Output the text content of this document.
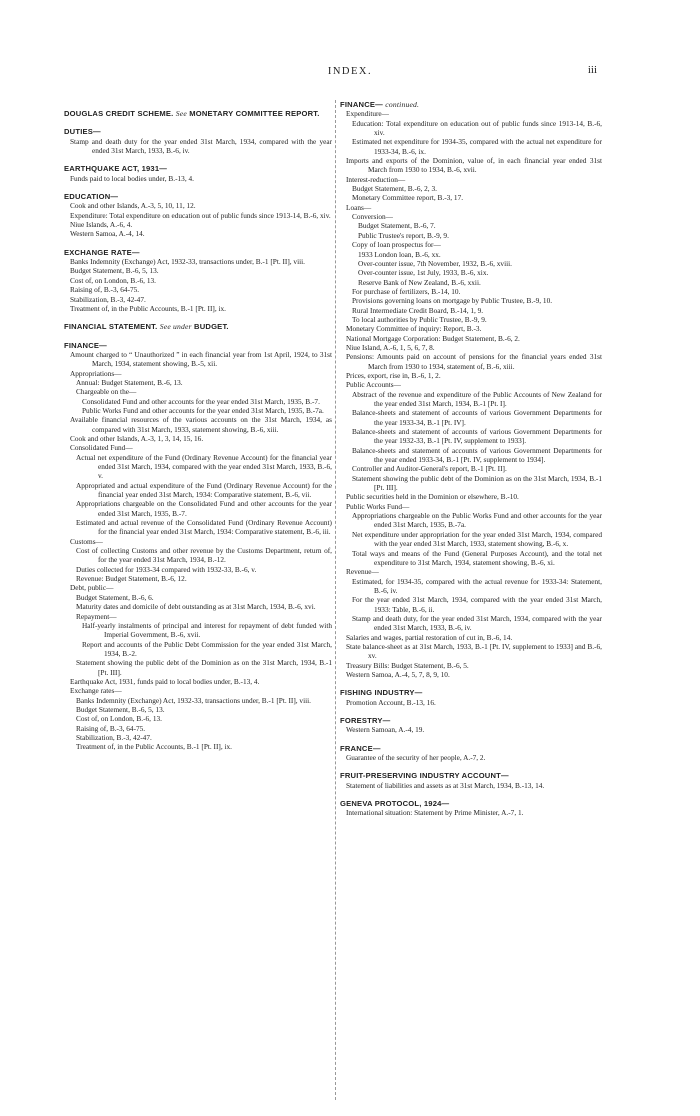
INDEX.	iii
DOUGLAS CREDIT SCHEME. See MONETARY COMMITTEE REPORT.
DUTIES—
Stamp and death duty for the year ended 31st March, 1934, compared with the year ended 31st March, 1933, B.-6, iv.
EARTHQUAKE ACT, 1931—
Funds paid to local bodies under, B.-13, 4.
EDUCATION—
Cook and other Islands, A.-3, 5, 10, 11, 12.
Expenditure: Total expenditure on education out of public funds since 1913-14, B.-6, xiv.
Niue Islands, A.-6, 4.
Western Samoa, A.-4, 14.
EXCHANGE RATE—
Banks Indemnity (Exchange) Act, 1932-33, transactions under, B.-1 [Pt. II], viii.
Budget Statement, B.-6, 5, 13.
Cost of, on London, B.-6, 13.
Raising of, B.-3, 64-75.
Stabilization, B.-3, 42-47.
Treatment of, in the Public Accounts, B.-1 [Pt. II], ix.
FINANCIAL STATEMENT. See under BUDGET.
FINANCE—
Amount charged to “ Unauthorized ” in each financial year from 1st April, 1924, to 31st March, 1934, statement showing, B.-5, xii.
Appropriations—
Annual: Budget Statement, B.-6, 13.
Chargeable on the—
Consolidated Fund and other accounts for the year ended 31st March, 1935, B.-7.
Public Works Fund and other accounts for the year ended 31st March, 1935, B.-7a.
Available financial resources of the various accounts on the 31st March, 1934, as compared with 31st March, 1933, statement showing, B.-6, xiii.
Cook and other Islands, A.-3, 1, 3, 14, 15, 16.
Consolidated Fund—
Actual net expenditure of the Fund (Ordinary Revenue Account) for the financial year ended 31st March, 1934, compared with the year ended 31st March, 1933, B.-6, v.
Appropriated and actual expenditure of the Fund (Ordinary Revenue Account) for the financial year ended 31st March, 1934: Comparative statement, B.-6, vii.
Appropriations chargeable on the Consolidated Fund and other accounts for the year ended 31st March, 1935, B.-7.
Estimated and actual revenue of the Consolidated Fund (Ordinary Revenue Account) for the financial year ended 31st March, 1934: Comparative statement, B.-6, iii.
Customs—
Cost of collecting Customs and other revenue by the Customs Department, return of, for the year ended 31st March, 1934, B.-12.
Duties collected for 1933-34 compared with 1932-33, B.-6, v.
Revenue: Budget Statement, B.-6, 12.
Debt, public—
Budget Statement, B.-6, 6.
Maturity dates and domicile of debt outstanding as at 31st March, 1934, B.-6, xvi.
Repayment—
Half-yearly instalments of principal and interest for repayment of debt funded with Imperial Government, B.-6, xvii.
Report and accounts of the Public Debt Commission for the year ended 31st March, 1934, B.-2.
Statement showing the public debt of the Dominion as on the 31st March, 1934, B.-1 [Pt. III].
Earthquake Act, 1931, funds paid to local bodies under, B.-13, 4.
Exchange rates—
Banks Indemnity (Exchange) Act, 1932-33, transactions under, B.-1 [Pt. II], viii.
Budget Statement, B.-6, 5, 13.
Cost of, on London, B.-6, 13.
Raising of, B.-3, 64-75.
Stabilization, B.-3, 42-47.
Treatment of, in the Public Accounts, B.-1 [Pt. II], ix.
FINANCE— continued.
Expenditure—
Education: Total expenditure on education out of public funds since 1913-14, B.-6, xiv.
Estimated net expenditure for 1934-35, compared with the actual net expenditure for 1933-34, B.-6, ix.
Imports and exports of the Dominion, value of, in each financial year ended 31st March from 1930 to 1934, B.-6, xvii.
Interest-reduction—
Budget Statement, B.-6, 2, 3.
Monetary Committee report, B.-3, 17.
Loans—
Conversion—
Budget Statement, B.-6, 7.
Public Trustee's report, B.-9, 9.
Copy of loan prospectus for—
1933 London loan, B.-6, xx.
Over-counter issue, 7th November, 1932, B.-6, xviii.
Over-counter issue, 1st July, 1933, B.-6, xix.
Reserve Bank of New Zealand, B.-6, xxii.
For purchase of fertilizers, B.-14, 10.
Provisions governing loans on mortgage by Public Trustee, B.-9, 10.
Rural Intermediate Credit Board, B.-14, 1, 9.
To local authorities by Public Trustee, B.-9, 9.
Monetary Committee of inquiry: Report, B.-3.
National Mortgage Corporation: Budget Statement, B.-6, 2.
Niue Island, A.-6, 1, 5, 6, 7, 8.
Pensions: Amounts paid on account of pensions for the financial years ended 31st March from 1930 to 1934, statement of, B.-6, xiii.
Prices, export, rise in, B.-6, 1, 2.
Public Accounts—
Abstract of the revenue and expenditure of the Public Accounts of New Zealand for the year ended 31st March, 1934, B.-1 [Pt. I].
Balance-sheets and statement of accounts of various Government Departments for the year 1933-34, B.-1 [Pt. IV].
Balance-sheets and statement of accounts of various Government Departments for the year 1932-33, B.-1 [Pt. IV, supplement to 1933].
Balance-sheets and statement of accounts of various Government Departments for the year ended 1933-34, B.-1 [Pt. IV, supplement to 1934].
Controller and Auditor-General's report, B.-1 [Pt. II].
Statement showing the public debt of the Dominion as on the 31st March, 1934, B.-1 [Pt. III].
Public securities held in the Dominion or elsewhere, B.-10.
Public Works Fund—
Appropriations chargeable on the Public Works Fund and other accounts for the year ended 31st March, 1935, B.-7a.
Net expenditure under appropriation for the year ended 31st March, 1934, compared with the year ended 31st March, 1933, statement showing, B.-6, x.
Total ways and means of the Fund (General Purposes Account), and the total net expenditure to 31st March, 1934, statement showing, B.-6, xi.
Revenue—
Estimated, for 1934-35, compared with the actual revenue for 1933-34: Statement, B.-6, iv.
For the year ended 31st March, 1934, compared with the year ended 31st March, 1933: Table, B.-6, ii.
Stamp and death duty, for the year ended 31st March, 1934, compared with the year ended 31st March, 1933, B.-6, iv.
Salaries and wages, partial restoration of cut in, B.-6, 14.
State balance-sheet as at 31st March, 1933, B.-1 [Pt. IV, supplement to 1933] and B.-6, xv.
Treasury Bills: Budget Statement, B.-6, 5.
Western Samoa, A.-4, 5, 7, 8, 9, 10.
FISHING INDUSTRY—
Promotion Account, B.-13, 16.
FORESTRY—
Western Samoan, A.-4, 19.
FRANCE—
Guarantee of the security of her people, A.-7, 2.
FRUIT-PRESERVING INDUSTRY ACCOUNT—
Statement of liabilities and assets as at 31st March, 1934, B.-13, 14.
GENEVA PROTOCOL, 1924—
International situation: Statement by Prime Minister, A.-7, 1.
